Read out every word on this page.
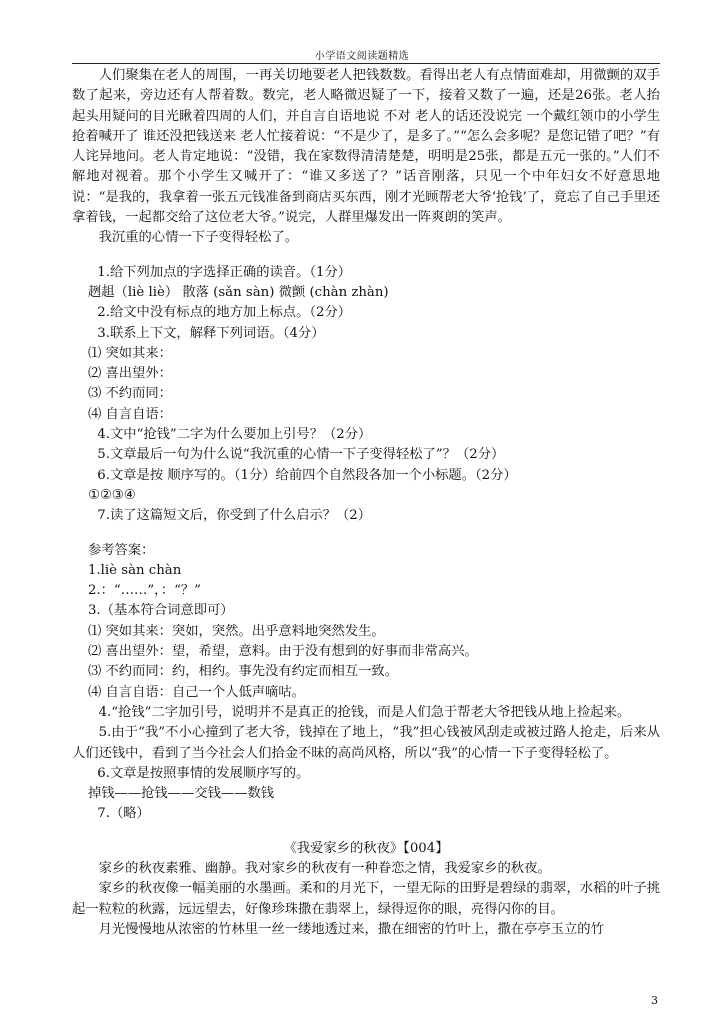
小学语文阅读题精选

人们聚集在老人的周围，一再关切地要老人把钱数数。看得出老人有点情面难却，用微颤的双手数了起来，旁边还有人帮着数。数完，老人略微迟疑了一下，接着又数了一遍，还是26张。老人抬起头用疑问的目光瞅着四周的人们，并自言自语地说 不对 老人的话还没说完 一个戴红领巾的小学生抢着喊开了 谁还没把钱送来 老人忙接着说：“不是少了，是多了。”“怎么会多呢？是您记错了吧？”有人诧异地问。老人肯定地说：“没错，我在家数得清清楚楚，明明是25张，都是五元一张的。”人们不解地对视着。那个小学生又喊开了：“谁又多送了？”话音刚落，只见一个中年妇女不好意思地说：“是我的，我拿着一张五元钱准备到商店买东西，刚才光顾帮老大爷‘抢钱’了，竟忘了自己手里还拿着钱，一起都交给了这位老大爷。”说完，人群里爆发出一阵爽朗的笑声。

我沉重的心情一下子变得轻松了。

1.给下列加点的字选择正确的读音。（1分）

趔趄（liè liè） 散落 (sǎn sàn) 微颤 (chàn zhàn)

2.给文中没有标点的地方加上标点。（2分）

3.联系上下文，解释下列词语。（4分）

⑴ 突如其来：

⑵ 喜出望外：

⑶ 不约而同：

⑷ 自言自语：

4.文中“抢钱”二字为什么要加上引号？（2分）

5.文章最后一句为什么说“我沉重的心情一下子变得轻松了”？（2分）

6.文章是按 顺序写的。（1分）给前四个自然段各加一个小标题。（2分）

①②③④

7.读了这篇短文后，你受到了什么启示？（2）

参考答案：

1.liè sàn chàn

2.：“……”，：“？”

3.（基本符合词意即可）

⑴ 突如其来：突如，突然。出乎意料地突然发生。

⑵ 喜出望外：望，希望，意料。由于没有想到的好事而非常高兴。

⑶ 不约而同：约，相约。事先没有约定而相互一致。

⑷ 自言自语：自己一个人低声嘀咕。

4.“抢钱”二字加引号，说明并不是真正的抢钱，而是人们急于帮老大爷把钱从地上捡起来。

5.由于“我”不小心撞到了老大爷，钱掉在了地上，“我”担心钱被风刮走或被过路人抢走，后来从人们还钱中，看到了当今社会人们拾金不昧的高尚风格，所以“我”的心情一下子变得轻松了。

6.文章是按照事情的发展顺序写的。

掉钱——抢钱——交钱——数钱

7.（略）

《我爱家乡的秋夜》【004】

家乡的秋夜素雅、幽静。我对家乡的秋夜有一种眷恋之情，我爱家乡的秋夜。

家乡的秋夜像一幅美丽的水墨画。柔和的月光下，一望无际的田野是碧绿的翡翠，水稻的叶子挑起一粒粒的秋露，远远望去，好像珍珠撒在翡翠上，绿得逗你的眼，亮得闪你的目。

月光慢慢地从浓密的竹林里一丝一缕地透过来，撒在细密的竹叶上，撒在亭亭玉立的竹

3
